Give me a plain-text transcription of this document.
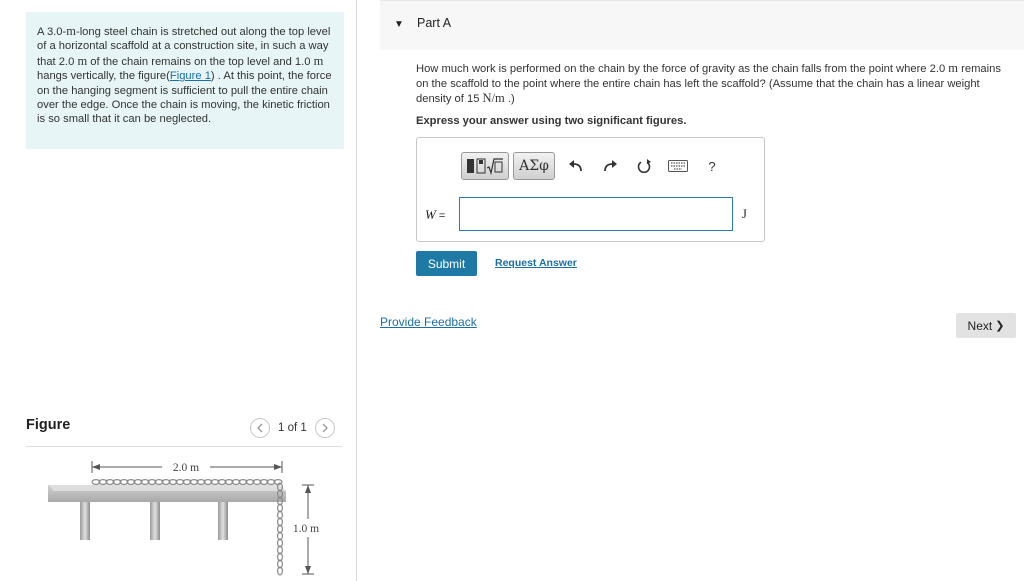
A 3.0-m-long steel chain is stretched out along the top level of a horizontal scaffold at a construction site, in such a way that 2.0 m of the chain remains on the top level and 1.0 m hangs vertically, the figure(Figure 1) . At this point, the force on the hanging segment is sufficient to pull the entire chain over the edge. Once the chain is moving, the kinetic friction is so small that it can be neglected.
Figure	1 of 1
2.0 m
1.0 m
▼ Part A
How much work is performed on the chain by the force of gravity as the chain falls from the point where 2.0 m remains on the scaffold to the point where the entire chain has left the scaffold? (Assume that the chain has a linear weight density of 15 N/m .)
Express your answer using two significant figures.
ΑΣφ	?
W =	J
Submit	Request Answer
Provide Feedback	Next ❯
